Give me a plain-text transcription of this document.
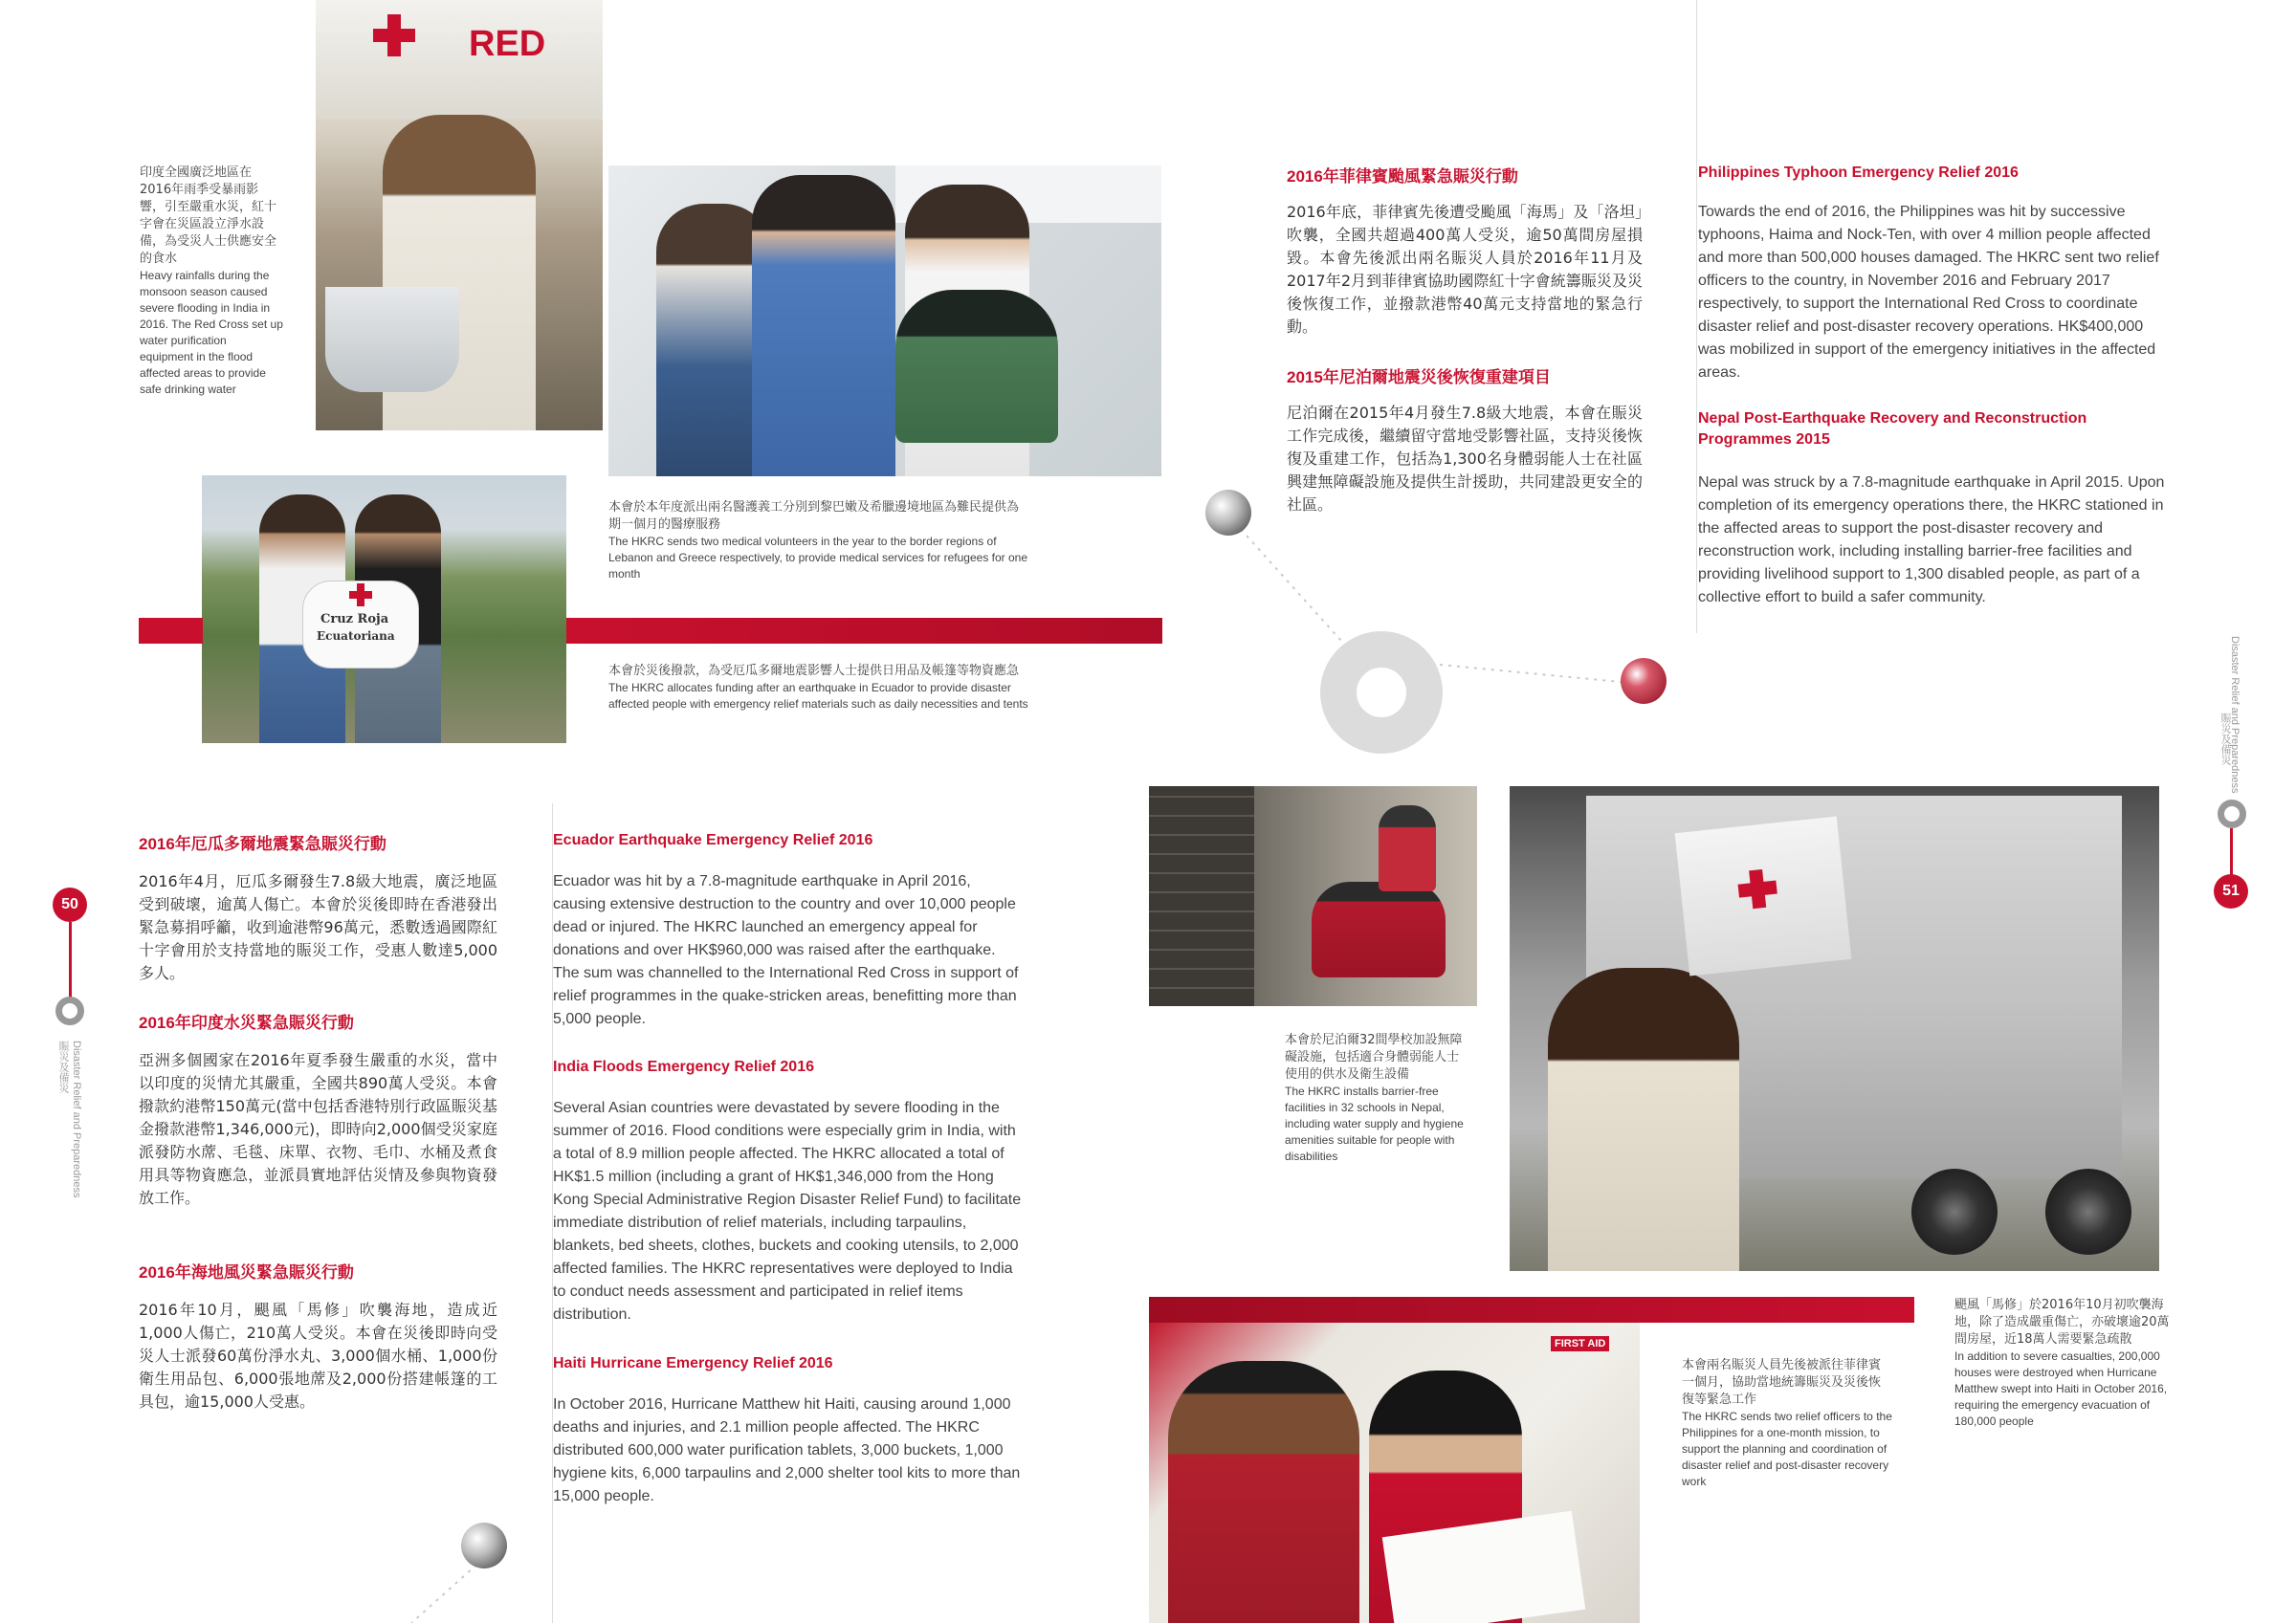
RED
印度全國廣泛地區在2016年雨季受暴雨影響，引至嚴重水災，紅十字會在災區設立淨水設備，為受災人士供應安全的食水
Heavy rainfalls during the monsoon season caused severe flooding in India in 2016. The Red Cross set up water purification equipment in the flood affected areas to provide safe drinking water
本會於本年度派出兩名醫護義工分別到黎巴嫩及希臘邊境地區為難民提供為期一個月的醫療服務
The HKRC sends two medical volunteers in the year to the border regions of Lebanon and Greece respectively, to provide medical services for refugees for one month
Cruz Roja
Ecuatoriana
本會於災後撥款，為受厄瓜多爾地震影響人士提供日用品及帳篷等物資應急
The HKRC allocates funding after an earthquake in Ecuador to provide disaster affected people with emergency relief materials such as daily necessities and tents
50
賑災及備災 Disaster Relief and Preparedness
2016年厄瓜多爾地震緊急賑災行動
2016年4月，厄瓜多爾發生7.8級大地震，廣泛地區受到破壞，逾萬人傷亡。本會於災後即時在香港發出緊急募捐呼籲，收到逾港幣96萬元，悉數透過國際紅十字會用於支持當地的賑災工作，受惠人數達5,000多人。
2016年印度水災緊急賑災行動
亞洲多個國家在2016年夏季發生嚴重的水災，當中以印度的災情尤其嚴重，全國共890萬人受災。本會撥款約港幣150萬元(當中包括香港特別行政區賑災基金撥款港幣1,346,000元)，即時向2,000個受災家庭派發防水蓆、毛毯、床單、衣物、毛巾、水桶及煮食用具等物資應急，並派員實地評估災情及參與物資發放工作。
2016年海地風災緊急賑災行動
2016年10月，颶風「馬修」吹襲海地，造成近1,000人傷亡，210萬人受災。本會在災後即時向受災人士派發60萬份淨水丸、3,000個水桶、1,000份衛生用品包、6,000張地蓆及2,000份搭建帳篷的工具包，逾15,000人受惠。
Ecuador Earthquake Emergency Relief 2016
Ecuador was hit by a 7.8-magnitude earthquake in April 2016, causing extensive destruction to the country and over 10,000 people dead or injured. The HKRC launched an emergency appeal for donations and over HK$960,000 was raised after the earthquake. The sum was channelled to the International Red Cross in support of relief programmes in the quake-stricken areas, benefitting more than 5,000 people.
India Floods Emergency Relief 2016
Several Asian countries were devastated by severe flooding in the summer of 2016. Flood conditions were especially grim in India, with a total of 8.9 million people affected. The HKRC allocated a total of HK$1.5 million (including a grant of HK$1,346,000 from the Hong Kong Special Administrative Region Disaster Relief Fund) to facilitate immediate distribution of relief materials, including tarpaulins, blankets, bed sheets, clothes, buckets and cooking utensils, to 2,000 affected families. The HKRC representatives were deployed to India to conduct needs assessment and participated in relief items distribution.
Haiti Hurricane Emergency Relief 2016
In October 2016, Hurricane Matthew hit Haiti, causing around 1,000 deaths and injuries, and 2.1 million people affected. The HKRC distributed 600,000 water purification tablets, 3,000 buckets, 1,000 hygiene kits, 6,000 tarpaulins and 2,000 shelter tool kits to more than 15,000 people.
2016年菲律賓颱風緊急賑災行動
2016年底，菲律賓先後遭受颱風「海馬」及「洛坦」吹襲，全國共超過400萬人受災，逾50萬間房屋損毀。本會先後派出兩名賑災人員於2016年11月及2017年2月到菲律賓協助國際紅十字會統籌賑災及災後恢復工作，並撥款港幣40萬元支持當地的緊急行動。
2015年尼泊爾地震災後恢復重建項目
尼泊爾在2015年4月發生7.8級大地震，本會在賑災工作完成後，繼續留守當地受影響社區，支持災後恢復及重建工作，包括為1,300名身體弱能人士在社區興建無障礙設施及提供生計援助，共同建設更安全的社區。
Philippines Typhoon Emergency Relief 2016
Towards the end of 2016, the Philippines was hit by successive typhoons, Haima and Nock-Ten, with over 4 million people affected and more than 500,000 houses damaged. The HKRC sent two relief officers to the country, in November 2016 and February 2017 respectively, to support the International Red Cross to coordinate disaster relief and post-disaster recovery operations. HK$400,000 was mobilized in support of the emergency initiatives in the affected areas.
Nepal Post-Earthquake Recovery and Reconstruction Programmes 2015
Nepal was struck by a 7.8-magnitude earthquake in April 2015. Upon completion of its emergency operations there, the HKRC stationed in the affected areas to support the post-disaster recovery and reconstruction work, including installing barrier-free facilities and providing livelihood support to 1,300 disabled people, as part of a collective effort to build a safer community.
Disaster Relief and Preparedness
賑災及備災
51
本會於尼泊爾32間學校加設無障礙設施，包括適合身體弱能人士使用的供水及衛生設備
The HKRC installs barrier-free facilities in 32 schools in Nepal, including water supply and hygiene amenities suitable for people with disabilities
FIRST AID
本會兩名賑災人員先後被派往菲律賓一個月，協助當地統籌賑災及災後恢復等緊急工作
The HKRC sends two relief officers to the Philippines for a one-month mission, to support the planning and coordination of disaster relief and post-disaster recovery work
颶風「馬修」於2016年10月初吹襲海地，除了造成嚴重傷亡，亦破壞逾20萬間房屋，近18萬人需要緊急疏散
In addition to severe casualties, 200,000 houses were destroyed when Hurricane Matthew swept into Haiti in October 2016, requiring the emergency evacuation of 180,000 people
